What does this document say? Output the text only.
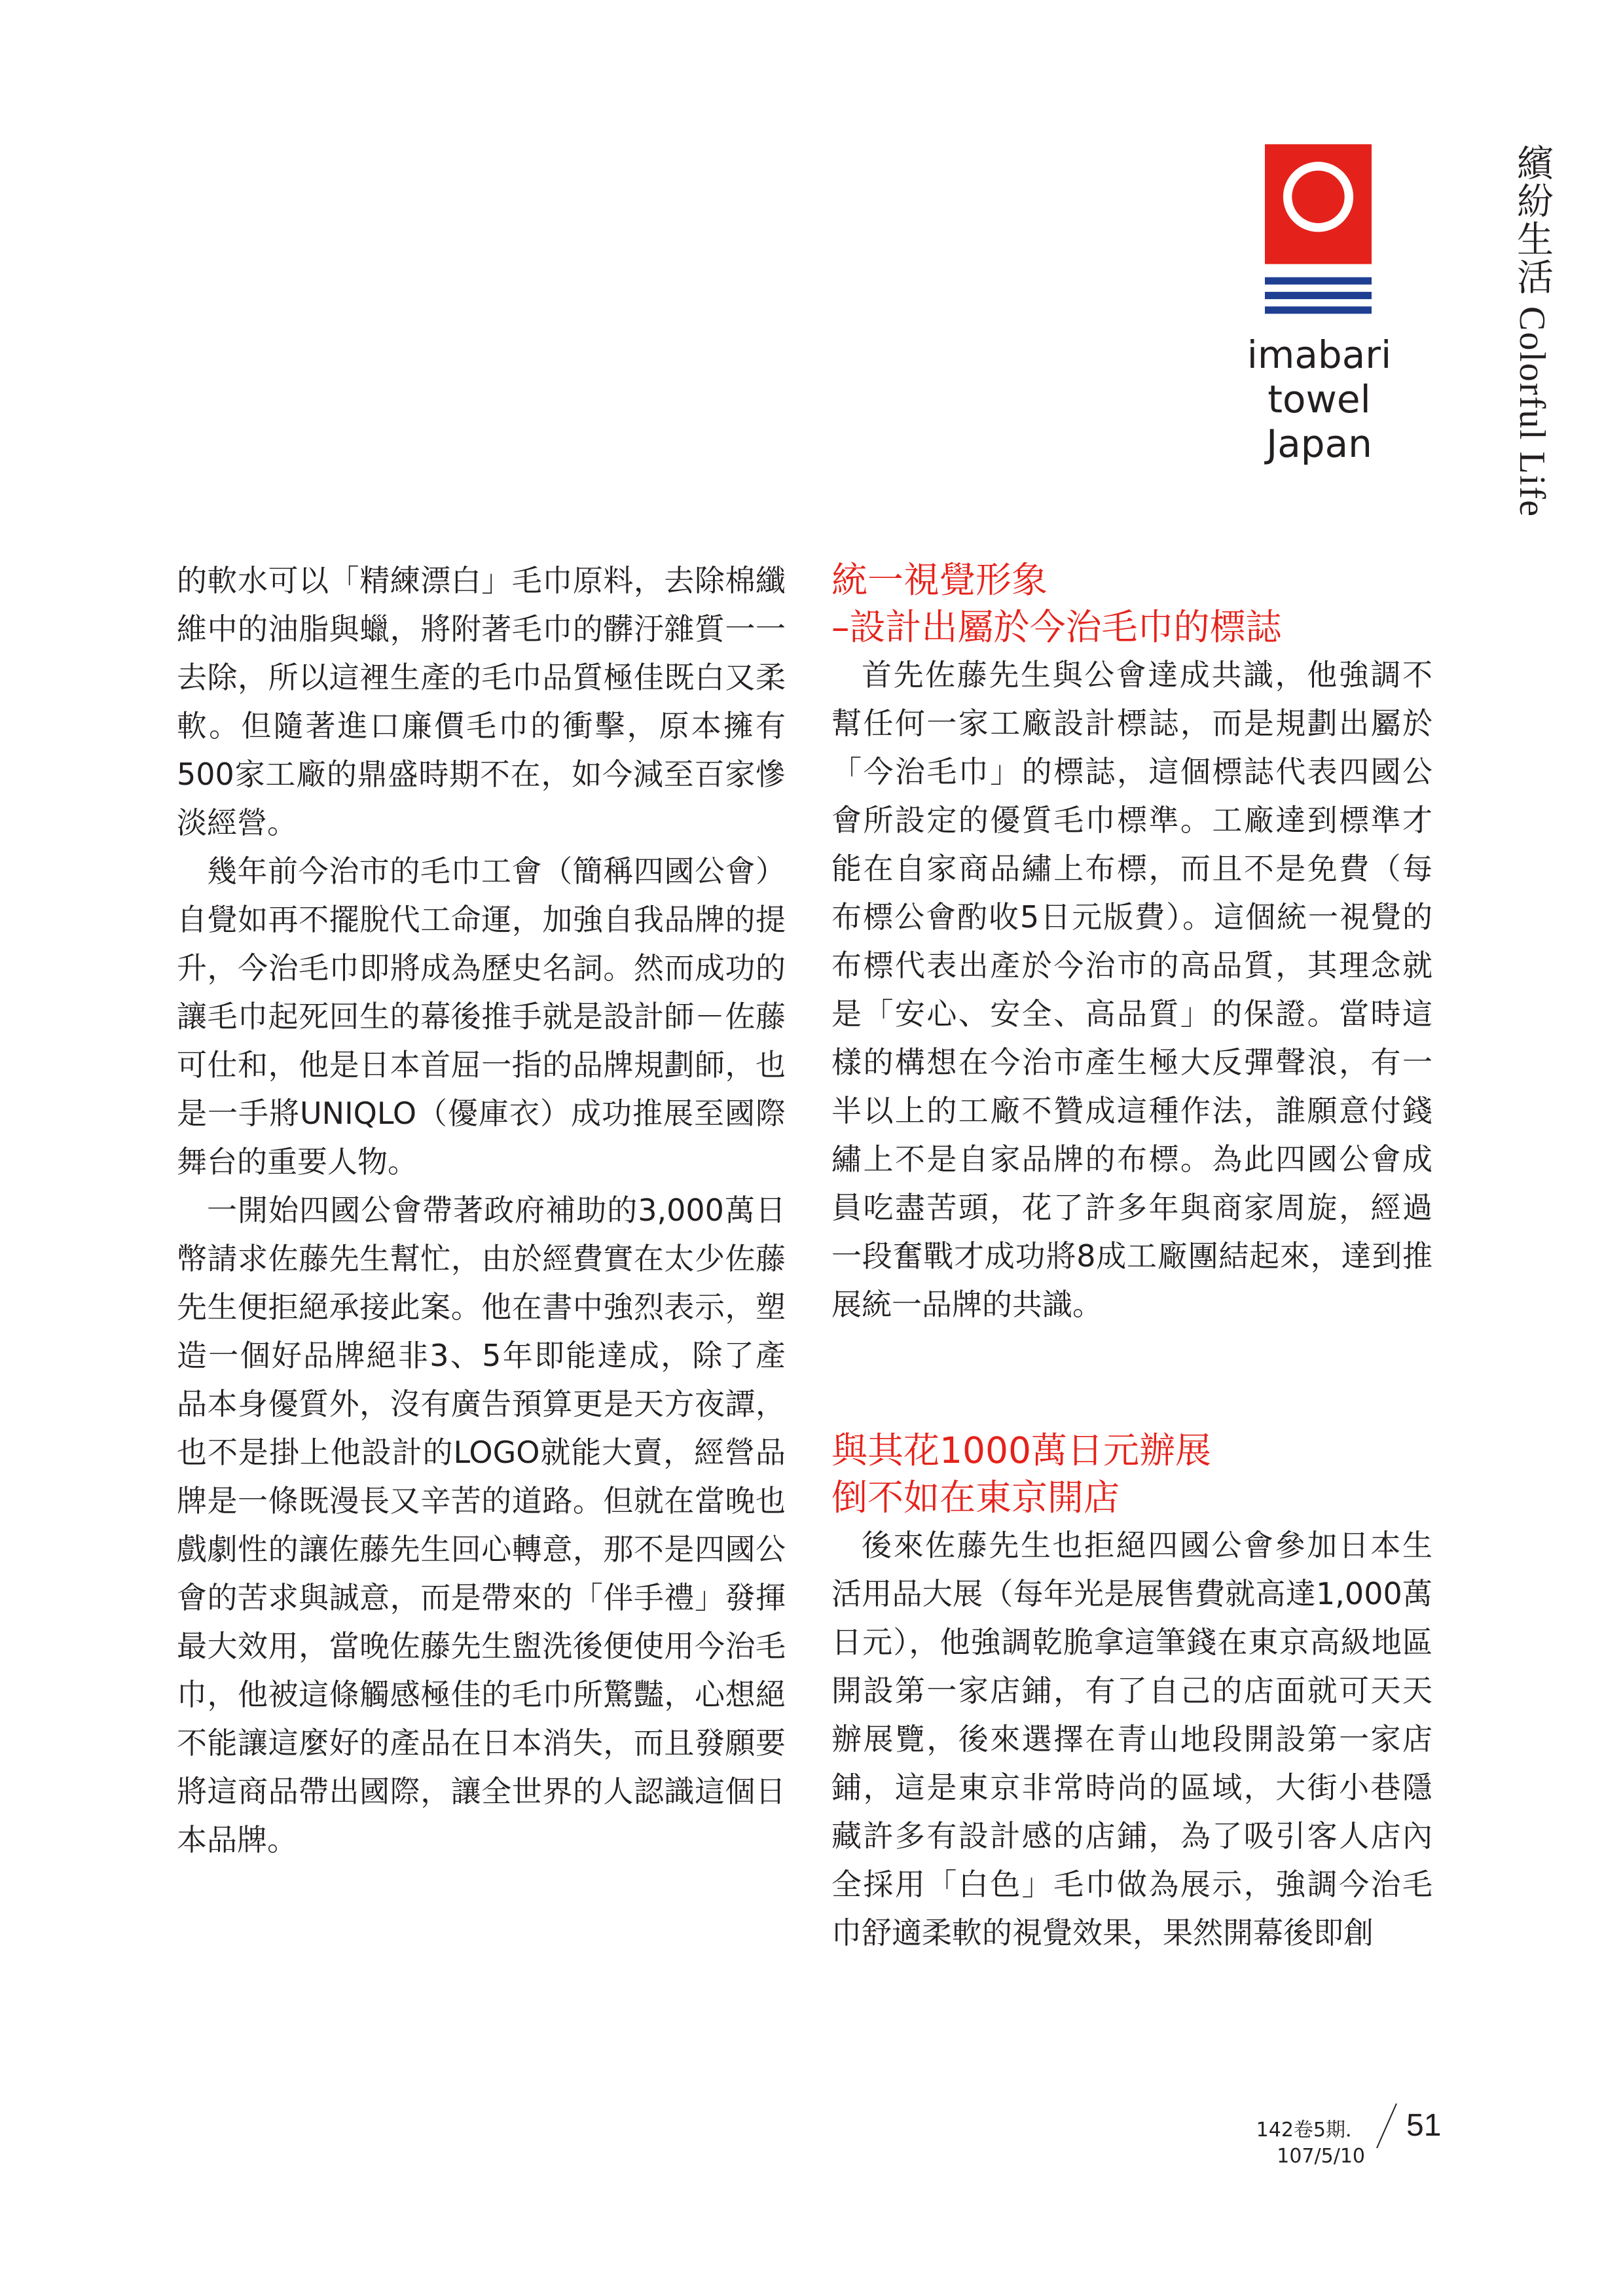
繽紛生活 Colorful Life
imabari towel
Japan

的軟水可以「精練漂白」毛巾原料，去除棉纖維中的油脂與蠟，將附著毛巾的髒汙雜質一一去除，所以這裡生產的毛巾品質極佳既白又柔軟。但隨著進口廉價毛巾的衝擊，原本擁有500家工廠的鼎盛時期不在，如今減至百家慘淡經營。

幾年前今治市的毛巾工會（簡稱四國公會）自覺如再不擺脫代工命運，加強自我品牌的提升，今治毛巾即將成為歷史名詞。然而成功的讓毛巾起死回生的幕後推手就是設計師－佐藤可仕和，他是日本首屈一指的品牌規劃師，也是一手將UNIQLO（優庫衣）成功推展至國際舞台的重要人物。

一開始四國公會帶著政府補助的3,000萬日幣請求佐藤先生幫忙，由於經費實在太少佐藤先生便拒絕承接此案。他在書中強烈表示，塑造一個好品牌絕非3、5年即能達成，除了產品本身優質外，沒有廣告預算更是天方夜譚，也不是掛上他設計的LOGO就能大賣，經營品牌是一條既漫長又辛苦的道路。但就在當晚也戲劇性的讓佐藤先生回心轉意，那不是四國公會的苦求與誠意，而是帶來的「伴手禮」發揮最大效用，當晚佐藤先生盥洗後便使用今治毛巾，他被這條觸感極佳的毛巾所驚豔，心想絕不能讓這麼好的產品在日本消失，而且發願要將這商品帶出國際，讓全世界的人認識這個日本品牌。

統一視覺形象
–設計出屬於今治毛巾的標誌

首先佐藤先生與公會達成共識，他強調不幫任何一家工廠設計標誌，而是規劃出屬於「今治毛巾」的標誌，這個標誌代表四國公會所設定的優質毛巾標準。工廠達到標準才能在自家商品繡上布標，而且不是免費（每布標公會酌收5日元版費）。這個統一視覺的布標代表出產於今治市的高品質，其理念就是「安心、安全、高品質」的保證。當時這樣的構想在今治市產生極大反彈聲浪，有一半以上的工廠不贊成這種作法，誰願意付錢繡上不是自家品牌的布標。為此四國公會成員吃盡苦頭，花了許多年與商家周旋，經過一段奮戰才成功將8成工廠團結起來，達到推展統一品牌的共識。

與其花1000萬日元辦展
倒不如在東京開店

後來佐藤先生也拒絕四國公會參加日本生活用品大展（每年光是展售費就高達1,000萬日元），他強調乾脆拿這筆錢在東京高級地區開設第一家店鋪，有了自己的店面就可天天辦展覽，後來選擇在青山地段開設第一家店鋪，這是東京非常時尚的區域，大街小巷隱藏許多有設計感的店鋪，為了吸引客人店內全採用「白色」毛巾做為展示，強調今治毛巾舒適柔軟的視覺效果，果然開幕後即創

142卷5期．107/5/10
51
